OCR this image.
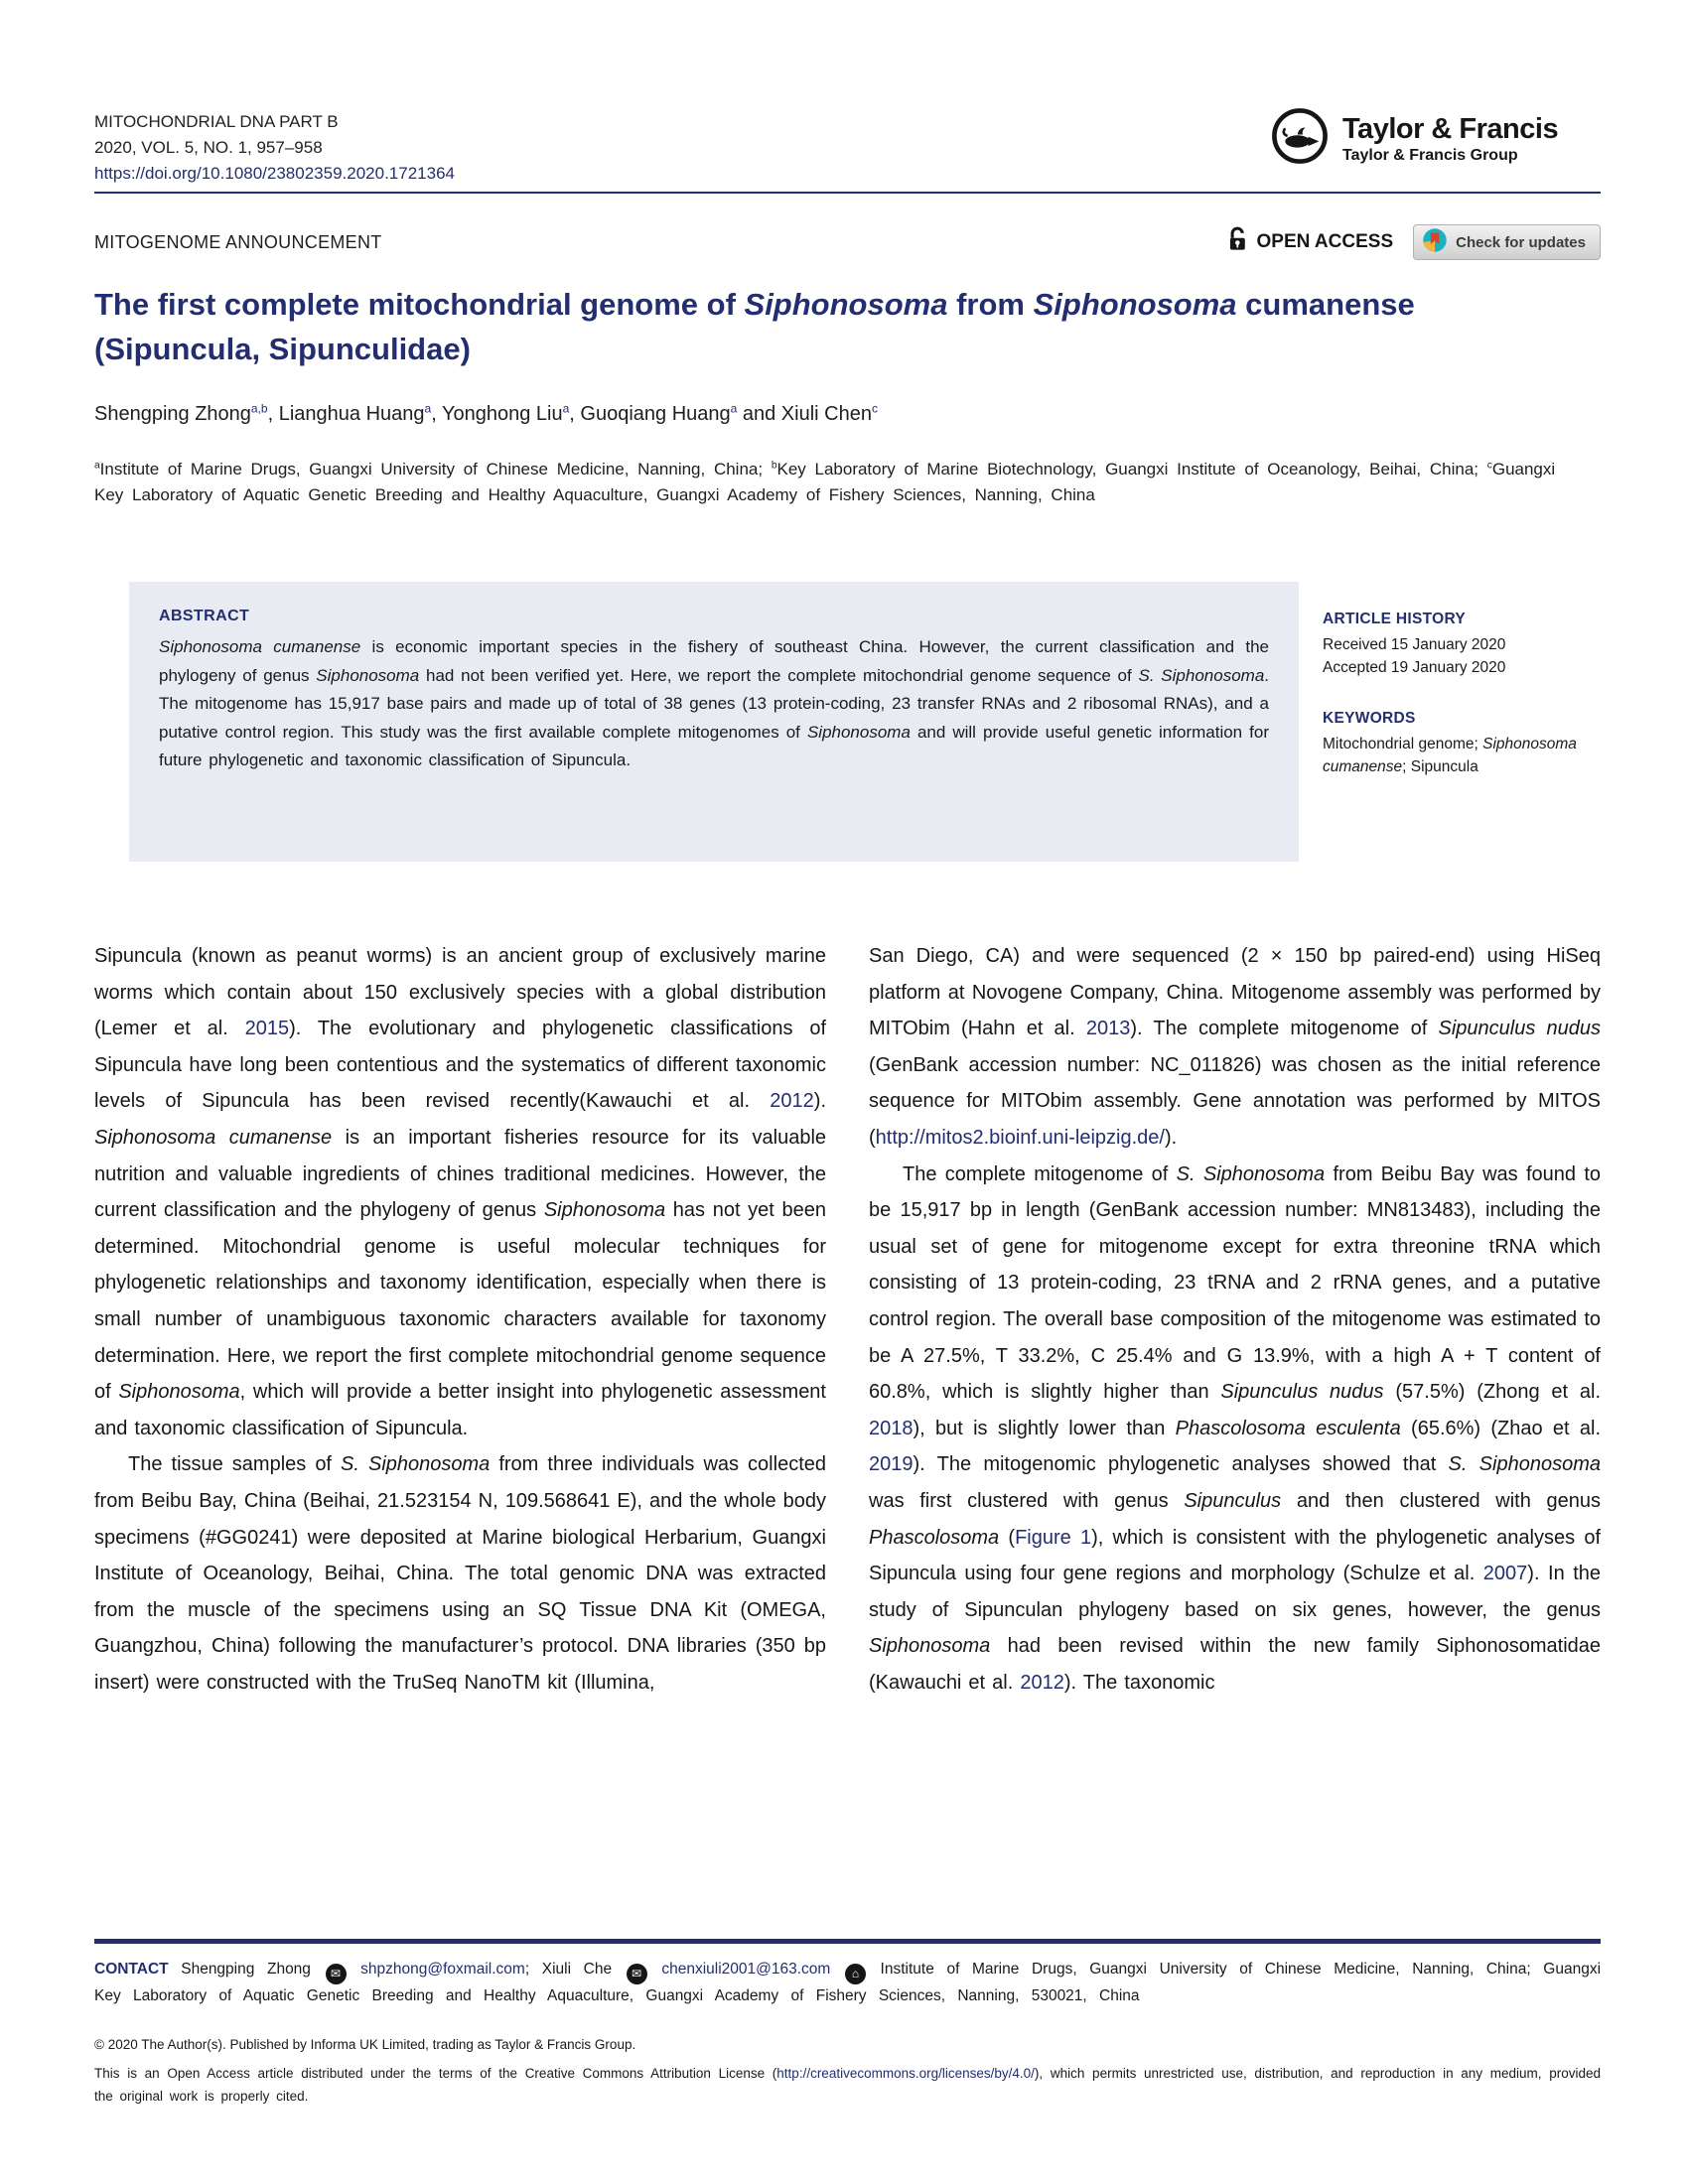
MITOCHONDRIAL DNA PART B
2020, VOL. 5, NO. 1, 957–958
https://doi.org/10.1080/23802359.2020.1721364
Taylor & Francis
Taylor & Francis Group
MITOGENOME ANNOUNCEMENT	OPEN ACCESS	Check for updates
The first complete mitochondrial genome of Siphonosoma from Siphonosoma cumanense (Sipuncula, Sipunculidae)
Shengping Zhong$^{a,b}$, Lianghua Huang$^a$, Yonghong Liu$^a$, Guoqiang Huang$^a$ and Xiuli Chen$^c$
$^a$Institute of Marine Drugs, Guangxi University of Chinese Medicine, Nanning, China; $^b$Key Laboratory of Marine Biotechnology, Guangxi Institute of Oceanology, Beihai, China; $^c$Guangxi Key Laboratory of Aquatic Genetic Breeding and Healthy Aquaculture, Guangxi Academy of Fishery Sciences, Nanning, China
ABSTRACT
Siphonosoma cumanense is economic important species in the fishery of southeast China. However, the current classification and the phylogeny of genus Siphonosoma had not been verified yet. Here, we report the complete mitochondrial genome sequence of S. Siphonosoma. The mitogenome has 15,917 base pairs and made up of total of 38 genes (13 protein-coding, 23 transfer RNAs and 2 ribosomal RNAs), and a putative control region. This study was the first available complete mitogenomes of Siphonosoma and will provide useful genetic information for future phylogenetic and taxonomic classification of Sipuncula.
ARTICLE HISTORY
Received 15 January 2020
Accepted 19 January 2020
KEYWORDS
Mitochondrial genome; Siphonosoma cumanense; Sipuncula

Sipuncula (known as peanut worms) is an ancient group of exclusively marine worms which contain about 150 exclusively species with a global distribution (Lemer et al. 2015). The evolutionary and phylogenetic classifications of Sipuncula have long been contentious and the systematics of different taxonomic levels of Sipuncula has been revised recently(Kawauchi et al. 2012). Siphonosoma cumanense is an important fisheries resource for its valuable nutrition and valuable ingredients of chines traditional medicines. However, the current classification and the phylogeny of genus Siphonosoma has not yet been determined. Mitochondrial genome is useful molecular techniques for phylogenetic relationships and taxonomy identification, especially when there is small number of unambiguous taxonomic characters available for taxonomy determination. Here, we report the first complete mitochondrial genome sequence of Siphonosoma, which will provide a better insight into phylogenetic assessment and taxonomic classification of Sipuncula.

The tissue samples of S. Siphonosoma from three individuals was collected from Beibu Bay, China (Beihai, 21.523154 N, 109.568641 E), and the whole body specimens (#GG0241) were deposited at Marine biological Herbarium, Guangxi Institute of Oceanology, Beihai, China. The total genomic DNA was extracted from the muscle of the specimens using an SQ Tissue DNA Kit (OMEGA, Guangzhou, China) following the manufacturer’s protocol. DNA libraries (350 bp insert) were constructed with the TruSeq NanoTM kit (Illumina,

San Diego, CA) and were sequenced (2 × 150 bp paired-end) using HiSeq platform at Novogene Company, China. Mitogenome assembly was performed by MITObim (Hahn et al. 2013). The complete mitogenome of Sipunculus nudus (GenBank accession number: NC_011826) was chosen as the initial reference sequence for MITObim assembly. Gene annotation was performed by MITOS (http://mitos2.bioinf.uni-leipzig.de/).

The complete mitogenome of S. Siphonosoma from Beibu Bay was found to be 15,917 bp in length (GenBank accession number: MN813483), including the usual set of gene for mitogenome except for extra threonine tRNA which consisting of 13 protein-coding, 23 tRNA and 2 rRNA genes, and a putative control region. The overall base composition of the mitogenome was estimated to be A 27.5%, T 33.2%, C 25.4% and G 13.9%, with a high A + T content of 60.8%, which is slightly higher than Sipunculus nudus (57.5%) (Zhong et al. 2018), but is slightly lower than Phascolosoma esculenta (65.6%) (Zhao et al. 2019). The mitogenomic phylogenetic analyses showed that S. Siphonosoma was first clustered with genus Sipunculus and then clustered with genus Phascolosoma (Figure 1), which is consistent with the phylogenetic analyses of Sipuncula using four gene regions and morphology (Schulze et al. 2007). In the study of Sipunculan phylogeny based on six genes, however, the genus Siphonosoma had been revised within the new family Siphonosomatidae (Kawauchi et al. 2012). The taxonomic

CONTACT Shengping Zhong ✉ shpzhong@foxmail.com; Xiuli Che ✉ chenxiuli2001@163.com ⌂ Institute of Marine Drugs, Guangxi University of Chinese Medicine, Nanning, China; Guangxi Key Laboratory of Aquatic Genetic Breeding and Healthy Aquaculture, Guangxi Academy of Fishery Sciences, Nanning, 530021, China
© 2020 The Author(s). Published by Informa UK Limited, trading as Taylor & Francis Group.
This is an Open Access article distributed under the terms of the Creative Commons Attribution License (http://creativecommons.org/licenses/by/4.0/), which permits unrestricted use, distribution, and reproduction in any medium, provided the original work is properly cited.
